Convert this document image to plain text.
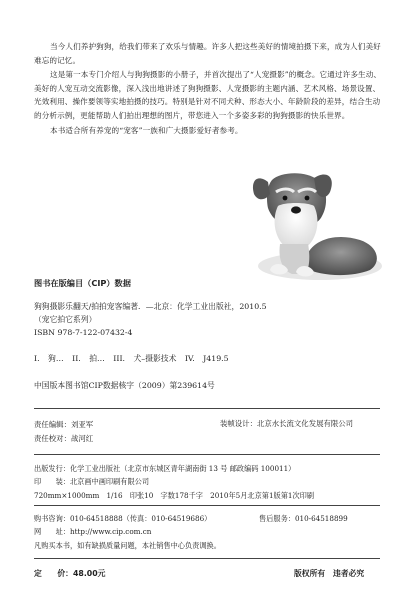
当今人们养护狗狗，给我们带来了欢乐与情趣。许多人把这些美好的情境拍摄下来，成为人们美好难忘的记忆。

这是第一本专门介绍人与狗狗摄影的小册子，并首次提出了“人宠摄影”的概念。它通过许多生动、美好的人宠互动交流影像，深入浅出地讲述了狗狗摄影、人宠摄影的主题内涵、艺术风格、场景设置、光效利用、操作要领等实地拍摄的技巧。特别是针对不同犬种、形态大小、年龄阶段的差异，结合生动的分析示例，更能帮助人们拍出理想的图片，带您进入一个多姿多彩的狗狗摄影的快乐世界。

本书适合所有养宠的“宠客”一族和广大摄影爱好者参考。

图书在版编目（CIP）数据
狗狗摄影乐翻天/拍拍宠客编著．—北京：化学工业出版社，2010.5
（宠它拍它系列）
ISBN 978-7-122-07432-4
I. 狗… II. 拍… III. 犬–摄影技术 IV. J419.5
中国版本图书馆CIP数据核字（2009）第239614号
责任编辑：刘亚军
责任校对：战河红
装帧设计：北京水长流文化发展有限公司
出版发行：化学工业出版社（北京市东城区青年湖南街 13 号 邮政编码 100011）
印　　装：北京画中画印刷有限公司
720mm×1000mm　1/16　印张10　字数178千字　2010年5月北京第1版第1次印刷
购书咨询：010-64518888（传真：010-64519686）	售后服务：010-64518899
网　　址：http://www.cip.com.cn
凡购买本书，如有缺损质量问题，本社销售中心负责调换。
定　　价：48.00元	版权所有　违者必究
